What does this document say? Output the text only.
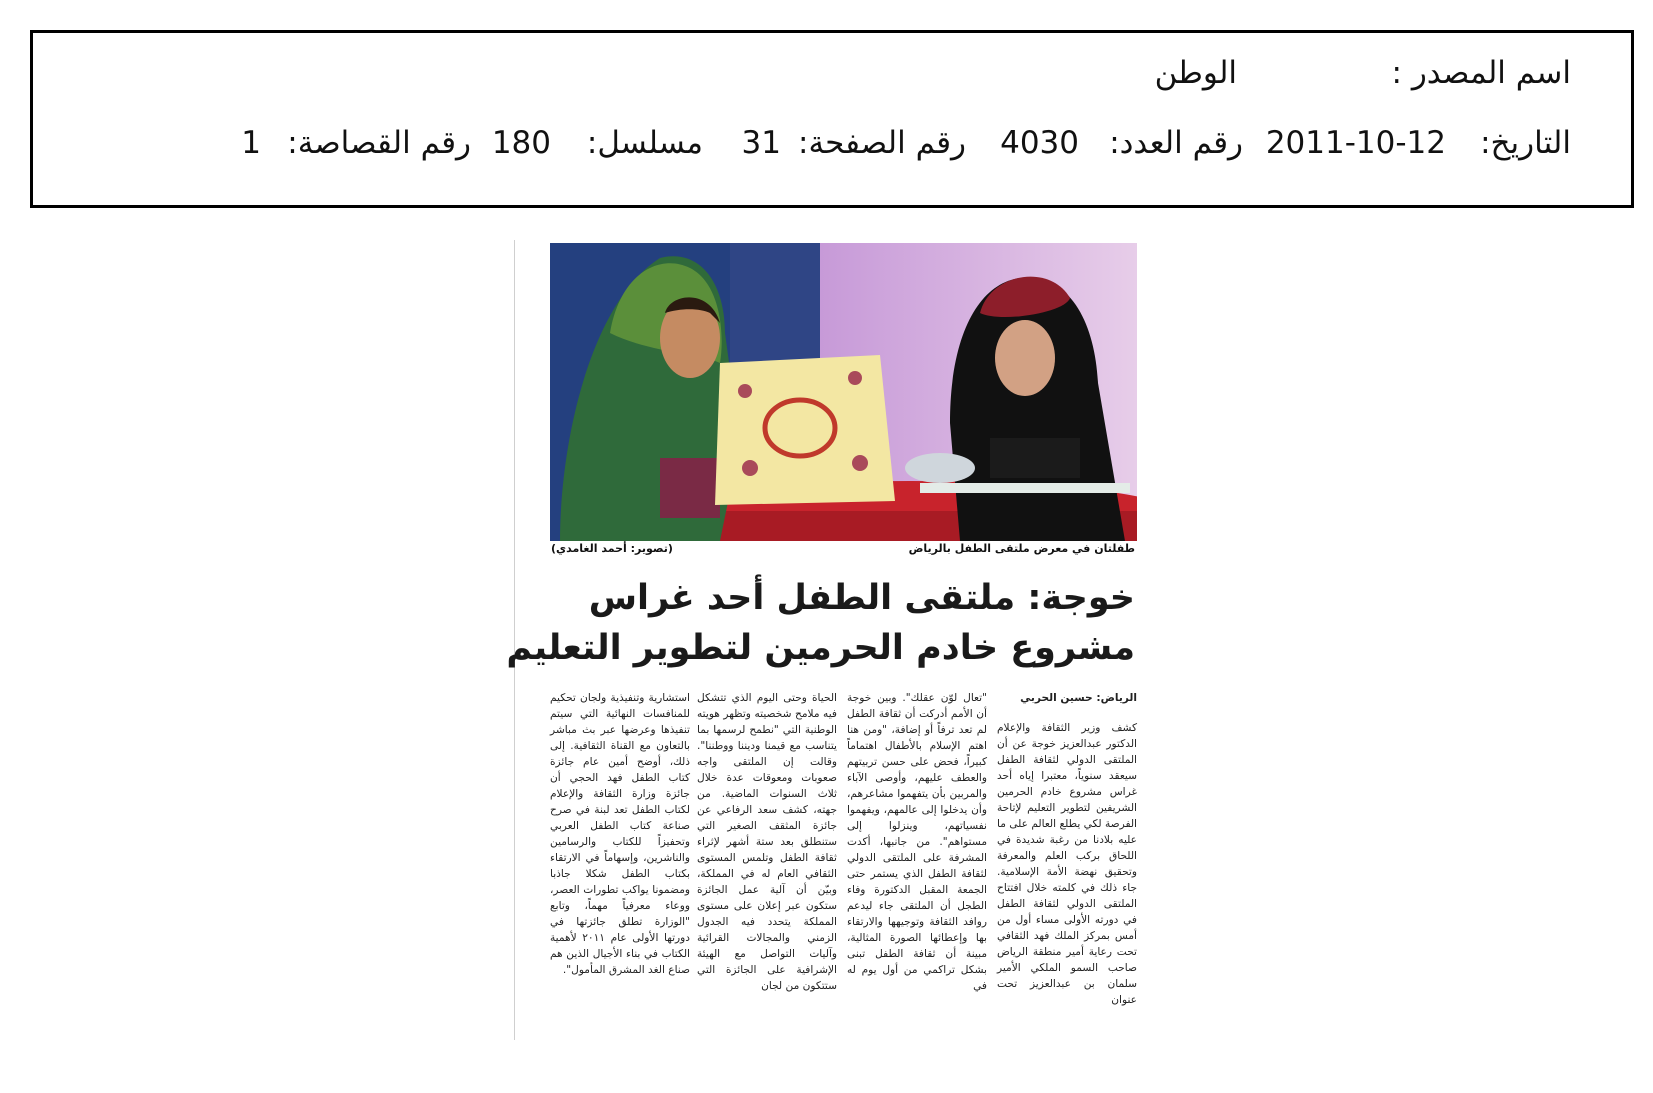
اسم المصدر :
الوطن
التاريخ:
2011-10-12
رقم العدد:
4030
رقم الصفحة:
31
مسلسل:
180
رقم القصاصة:
1
طفلتان في معرض ملتقى الطفل بالرياض
(تصوير: أحمد الغامدي)
خوجة: ملتقى الطفل أحد غراس
مشروع خادم الحرمين لتطوير التعليم
الرياض: حسين الحربي
كشف وزير الثقافة والإعلام الدكتور عبدالعزيز خوجة عن أن الملتقى الدولي لثقافة الطفل سيعقد سنوياً، معتبرا إياه أحد غراس مشروع خادم الحرمين الشريفين لتطوير التعليم لإتاحة الفرصة لكي يطلع العالم على ما عليه بلادنا من رغبة شديدة في اللحاق بركب العلم والمعرفة وتحقيق نهضة الأمة الإسلامية. جاء ذلك في كلمته خلال افتتاح الملتقى الدولي لثقافة الطفل في دورته الأولى مساء أول من أمس بمركز الملك فهد الثقافي تحت رعاية أمير منطقة الرياض صاحب السمو الملكي الأمير سلمان بن عبدالعزيز تحت عنوان
"تعال لوّن عقلك". وبين خوجة أن الأمم أدركت أن ثقافة الطفل لم تعد ترفاً أو إضافة، "ومن هنا اهتم الإسلام بالأطفال اهتماماً كبيراً، فحض على حسن تربيتهم والعطف عليهم، وأوصى الآباء والمربين بأن يتفهموا مشاعرهم، وأن يدخلوا إلى عالمهم، ويفهموا نفسياتهم، وينزلوا إلى مستواهم". من جانبها، أكدت المشرفة على الملتقى الدولي لثقافة الطفل الذي يستمر حتى الجمعة المقبل الدكتورة وفاء الطجل أن الملتقى جاء ليدعم روافد الثقافة وتوجيهها والارتقاء بها وإعطائها الصورة المثالية، مبينة أن ثقافة الطفل تبنى بشكل تراكمي من أول يوم له في
الحياة وحتى اليوم الذي تتشكل فيه ملامح شخصيته وتظهر هويته الوطنية التي "نطمح لرسمها بما يتناسب مع قيمنا وديننا ووطننا". وقالت إن الملتقى واجه صعوبات ومعوقات عدة خلال ثلاث السنوات الماضية. من جهته، كشف سعد الرفاعي عن جائزة المثقف الصغير التي ستنطلق بعد ستة أشهر لإثراء ثقافة الطفل وتلمس المستوى الثقافي العام له في المملكة، وبيّن أن آلية عمل الجائزة ستكون عبر إعلان على مستوى المملكة يتحدد فيه الجدول الزمني والمجالات القرائية وآليات التواصل مع الهيئة الإشرافية على الجائزة التي ستتكون من لجان
استشارية وتنفيذية ولجان تحكيم للمنافسات النهائية التي سيتم تنفيذها وعرضها عبر بث مباشر بالتعاون مع القناة الثقافية. إلى ذلك، أوضح أمين عام جائزة كتاب الطفل فهد الحجي أن جائزة وزارة الثقافة والإعلام لكتاب الطفل تعد لبنة في صرح صناعة كتاب الطفل العربي وتحفيزاً للكتاب والرسامين والناشرين، وإسهاماً في الارتقاء بكتاب الطفل شكلا جاذبا ومضمونا يواكب تطورات العصر، ووعاء معرفياً مهماً، وتابع "الوزارة تطلق جائزتها في دورتها الأولى عام ٢٠١١ لأهمية الكتاب في بناء الأجيال الذين هم صناع الغد المشرق المأمول".
